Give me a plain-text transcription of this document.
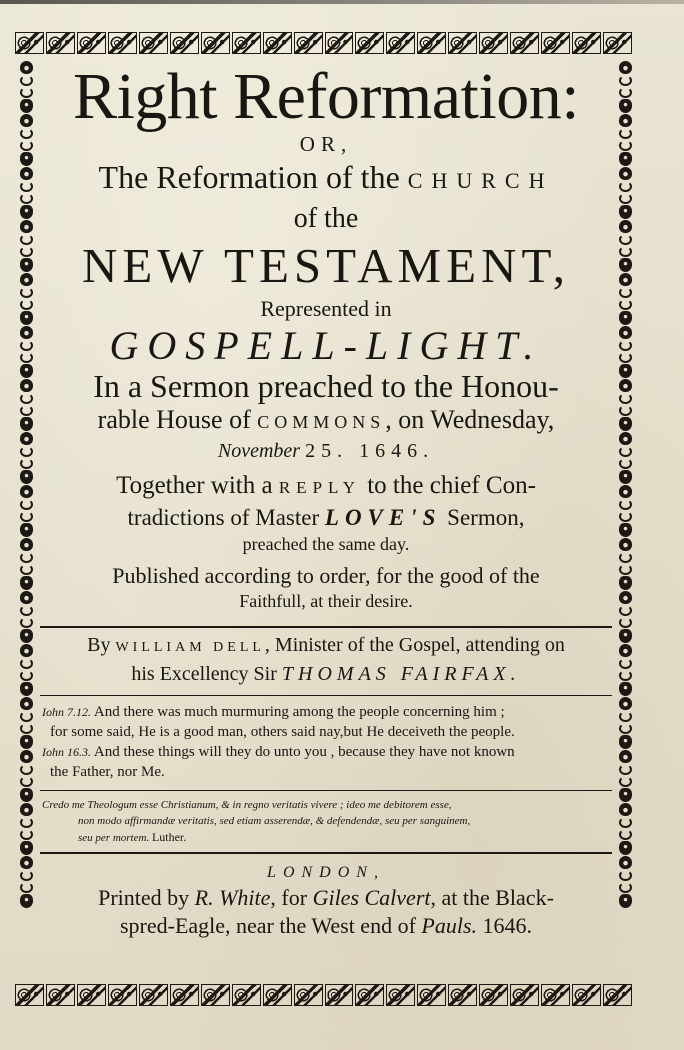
Right Reformation:
OR,
The Reformation of the CHURCH
of the
NEW TESTAMENT,
Represented in
GOSPELL-LIGHT.
In a Sermon preached to the Honou-
rable House of COMMONS, on Wednesday,
November 25. 1646.
Together with a REPLY to the chief Con-
tradictions of Master LOVE'S Sermon,
preached the same day.
Published according to order, for the good of the
Faithfull, at their desire.
By WILLIAM DELL, Minister of the Gospel, attending on
his Excellency Sir THOMAS FAIRFAX.
Iohn 7.12. And there was much murmuring among the people concerning him ;
for some said, He is a good man, others said nay,but He deceiveth the people.
Iohn 16.3. And these things will they do unto you , because they have not known
the Father, nor Me.
Credo me Theologum esse Christianum, & in regno veritatis vivere ; ideo me debitorem esse,
non modo affirmandæ veritatis, sed etiam asserendæ, & defendendæ, seu per sanguinem,
seu per mortem. Luther.
LONDON,
Printed by R. White, for Giles Calvert, at the Black-
spred-Eagle, near the West end of Pauls. 1646.
